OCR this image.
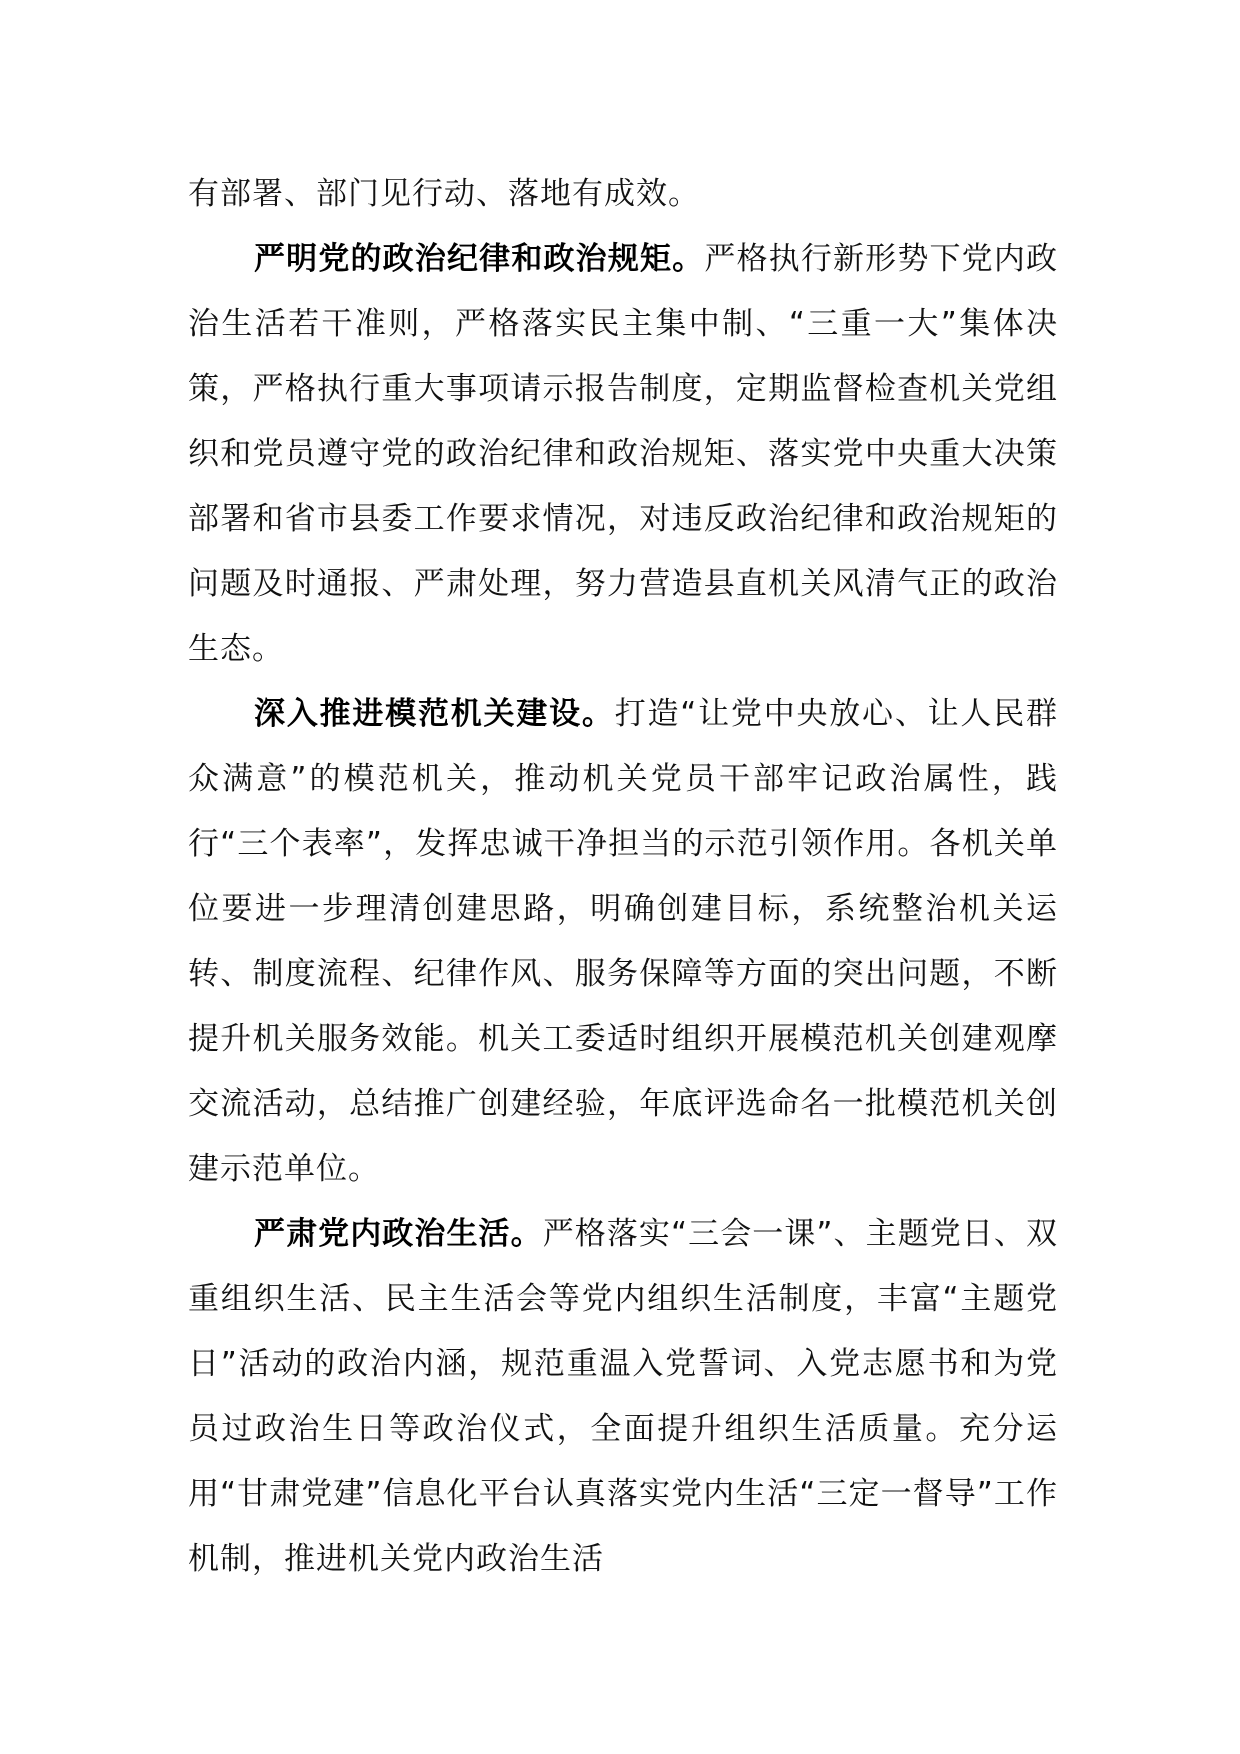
有部署、部门见行动、落地有成效。

严明党的政治纪律和政治规矩。严格执行新形势下党内政治生活若干准则，严格落实民主集中制、“三重一大”集体决策，严格执行重大事项请示报告制度，定期监督检查机关党组织和党员遵守党的政治纪律和政治规矩、落实党中央重大决策部署和省市县委工作要求情况，对违反政治纪律和政治规矩的问题及时通报、严肃处理，努力营造县直机关风清气正的政治生态。

深入推进模范机关建设。打造“让党中央放心、让人民群众满意”的模范机关，推动机关党员干部牢记政治属性，践行“三个表率”，发挥忠诚干净担当的示范引领作用。各机关单位要进一步理清创建思路，明确创建目标，系统整治机关运转、制度流程、纪律作风、服务保障等方面的突出问题，不断提升机关服务效能。机关工委适时组织开展模范机关创建观摩交流活动，总结推广创建经验，年底评选命名一批模范机关创建示范单位。

严肃党内政治生活。严格落实“三会一课”、主题党日、双重组织生活、民主生活会等党内组织生活制度，丰富“主题党日”活动的政治内涵，规范重温入党誓词、入党志愿书和为党员过政治生日等政治仪式，全面提升组织生活质量。充分运用“甘肃党建”信息化平台认真落实党内生活“三定一督导”工作机制，推进机关党内政治生活
